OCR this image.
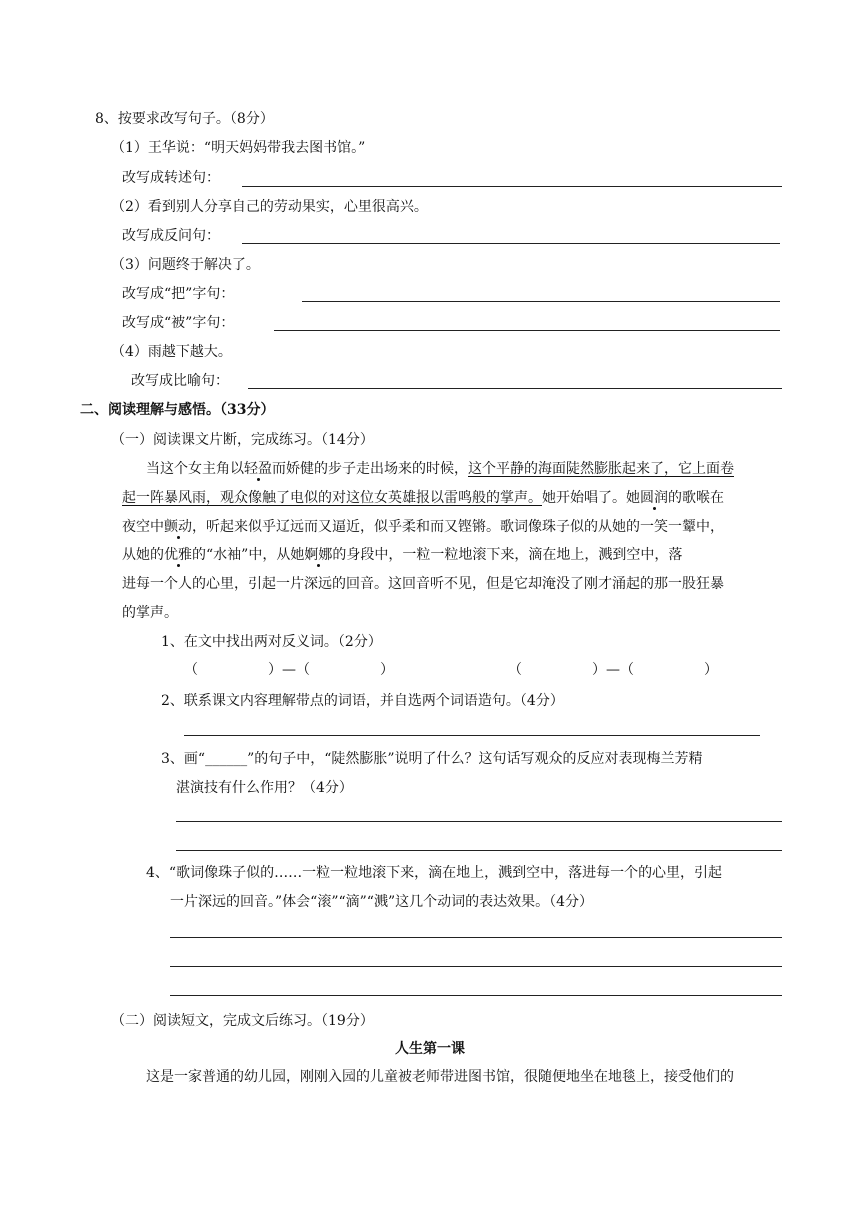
8、按要求改写句子。（8分）
（1）王华说：“明天妈妈带我去图书馆。”
改写成转述句：
（2）看到别人分享自己的劳动果实，心里很高兴。
改写成反问句：
（3）问题终于解决了。
改写成“把”字句：
改写成“被”字句：
（4）雨越下越大。
改写成比喻句：
二、阅读理解与感悟。（33分）
（一）阅读课文片断，完成练习。（14分）
当这个女主角以轻盈而娇健的步子走出场来的时候，这个平静的海面陡然膨胀起来了，它上面卷
起一阵暴风雨，观众像触了电似的对这位女英雄报以雷鸣般的掌声。她开始唱了。她圆润的歌喉在
夜空中颤动，听起来似乎辽远而又逼近，似乎柔和而又铿锵。歌词像珠子似的从她的一笑一颦中，
从她的优雅的“水袖”中，从她婀娜的身段中，一粒一粒地滚下来，滴在地上，溅到空中，落
进每一个人的心里，引起一片深远的回音。这回音听不见，但是它却淹没了刚才涌起的那一股狂暴
的掌声。
1、在文中找出两对反义词。（2分）
（　　　　　）—（　　　　　）	（　　　　　）—（　　　　　）
2、联系课文内容理解带点的词语，并自选两个词语造句。（4分）
3、画“______”的句子中，“陡然膨胀”说明了什么？这句话写观众的反应对表现梅兰芳精
湛演技有什么作用？（4分）
4、“歌词像珠子似的……一粒一粒地滚下来，滴在地上，溅到空中，落进每一个的心里，引起
一片深远的回音。”体会“滚”“滴”“溅”这几个动词的表达效果。（4分）
（二）阅读短文，完成文后练习。（19分）
人生第一课
这是一家普通的幼儿园，刚刚入园的儿童被老师带进图书馆，很随便地坐在地毯上，接受他们的
